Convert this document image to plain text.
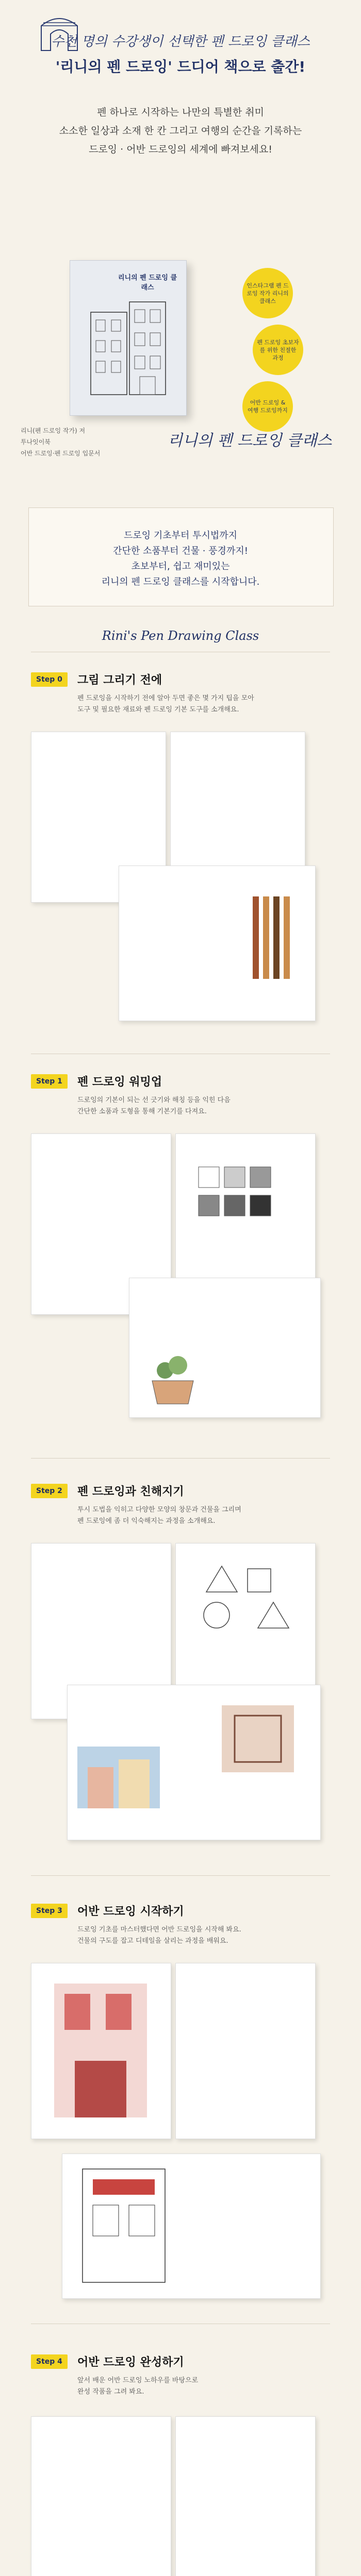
수천 명의 수강생이 선택한 펜 드로잉 클래스
'리니의 펜 드로잉' 드디어 책으로 출간!
펜 하나로 시작하는 나만의 특별한 취미
소소한 일상과 소재 한 칸 그리고 여행의 순간을 기록하는
드로잉 · 어반 드로잉의 세계에 빠져보세요!
리니의 펜 드로잉 클래스	인스타그램 펜 드로잉 작가 리니의 클래스
펜 드로잉 초보자를 위한 친절한 과정
어반 드로잉 & 여행 드로잉까지
리니(펜 드로잉 작가) 저
투나잇이북
어반 드로잉·펜 드로잉 입문서
리니의 펜 드로잉 클래스
드로잉 기초부터 투시법까지
간단한 소품부터 건물 · 풍경까지!
초보부터, 쉽고 재미있는
리니의 펜 드로잉 클래스를 시작합니다.
Rini's Pen Drawing Class
Step 0	그림 그리기 전에
펜 드로잉을 시작하기 전에 알아 두면 좋은 몇 가지 팁을 모아
도구 및 필요한 재료와 펜 드로잉 기본 도구를 소개해요.
Step 1	펜 드로잉 워밍업
드로잉의 기본이 되는 선 긋기와 해칭 등을 익힌 다음
간단한 소품과 도형을 통해 기본기를 다져요.
Step 2	펜 드로잉과 친해지기
투시 도법을 익히고 다양한 모양의 창문과 건물을 그리며
펜 드로잉에 좀 더 익숙해지는 과정을 소개해요.
Step 3	어반 드로잉 시작하기
드로잉 기초를 마스터했다면 어반 드로잉을 시작해 봐요.
건물의 구도를 잡고 디테일을 살리는 과정을 배워요.
Step 4	어반 드로잉 완성하기
앞서 배운 어반 드로잉 노하우를 바탕으로
완성 작품을 그려 봐요.
